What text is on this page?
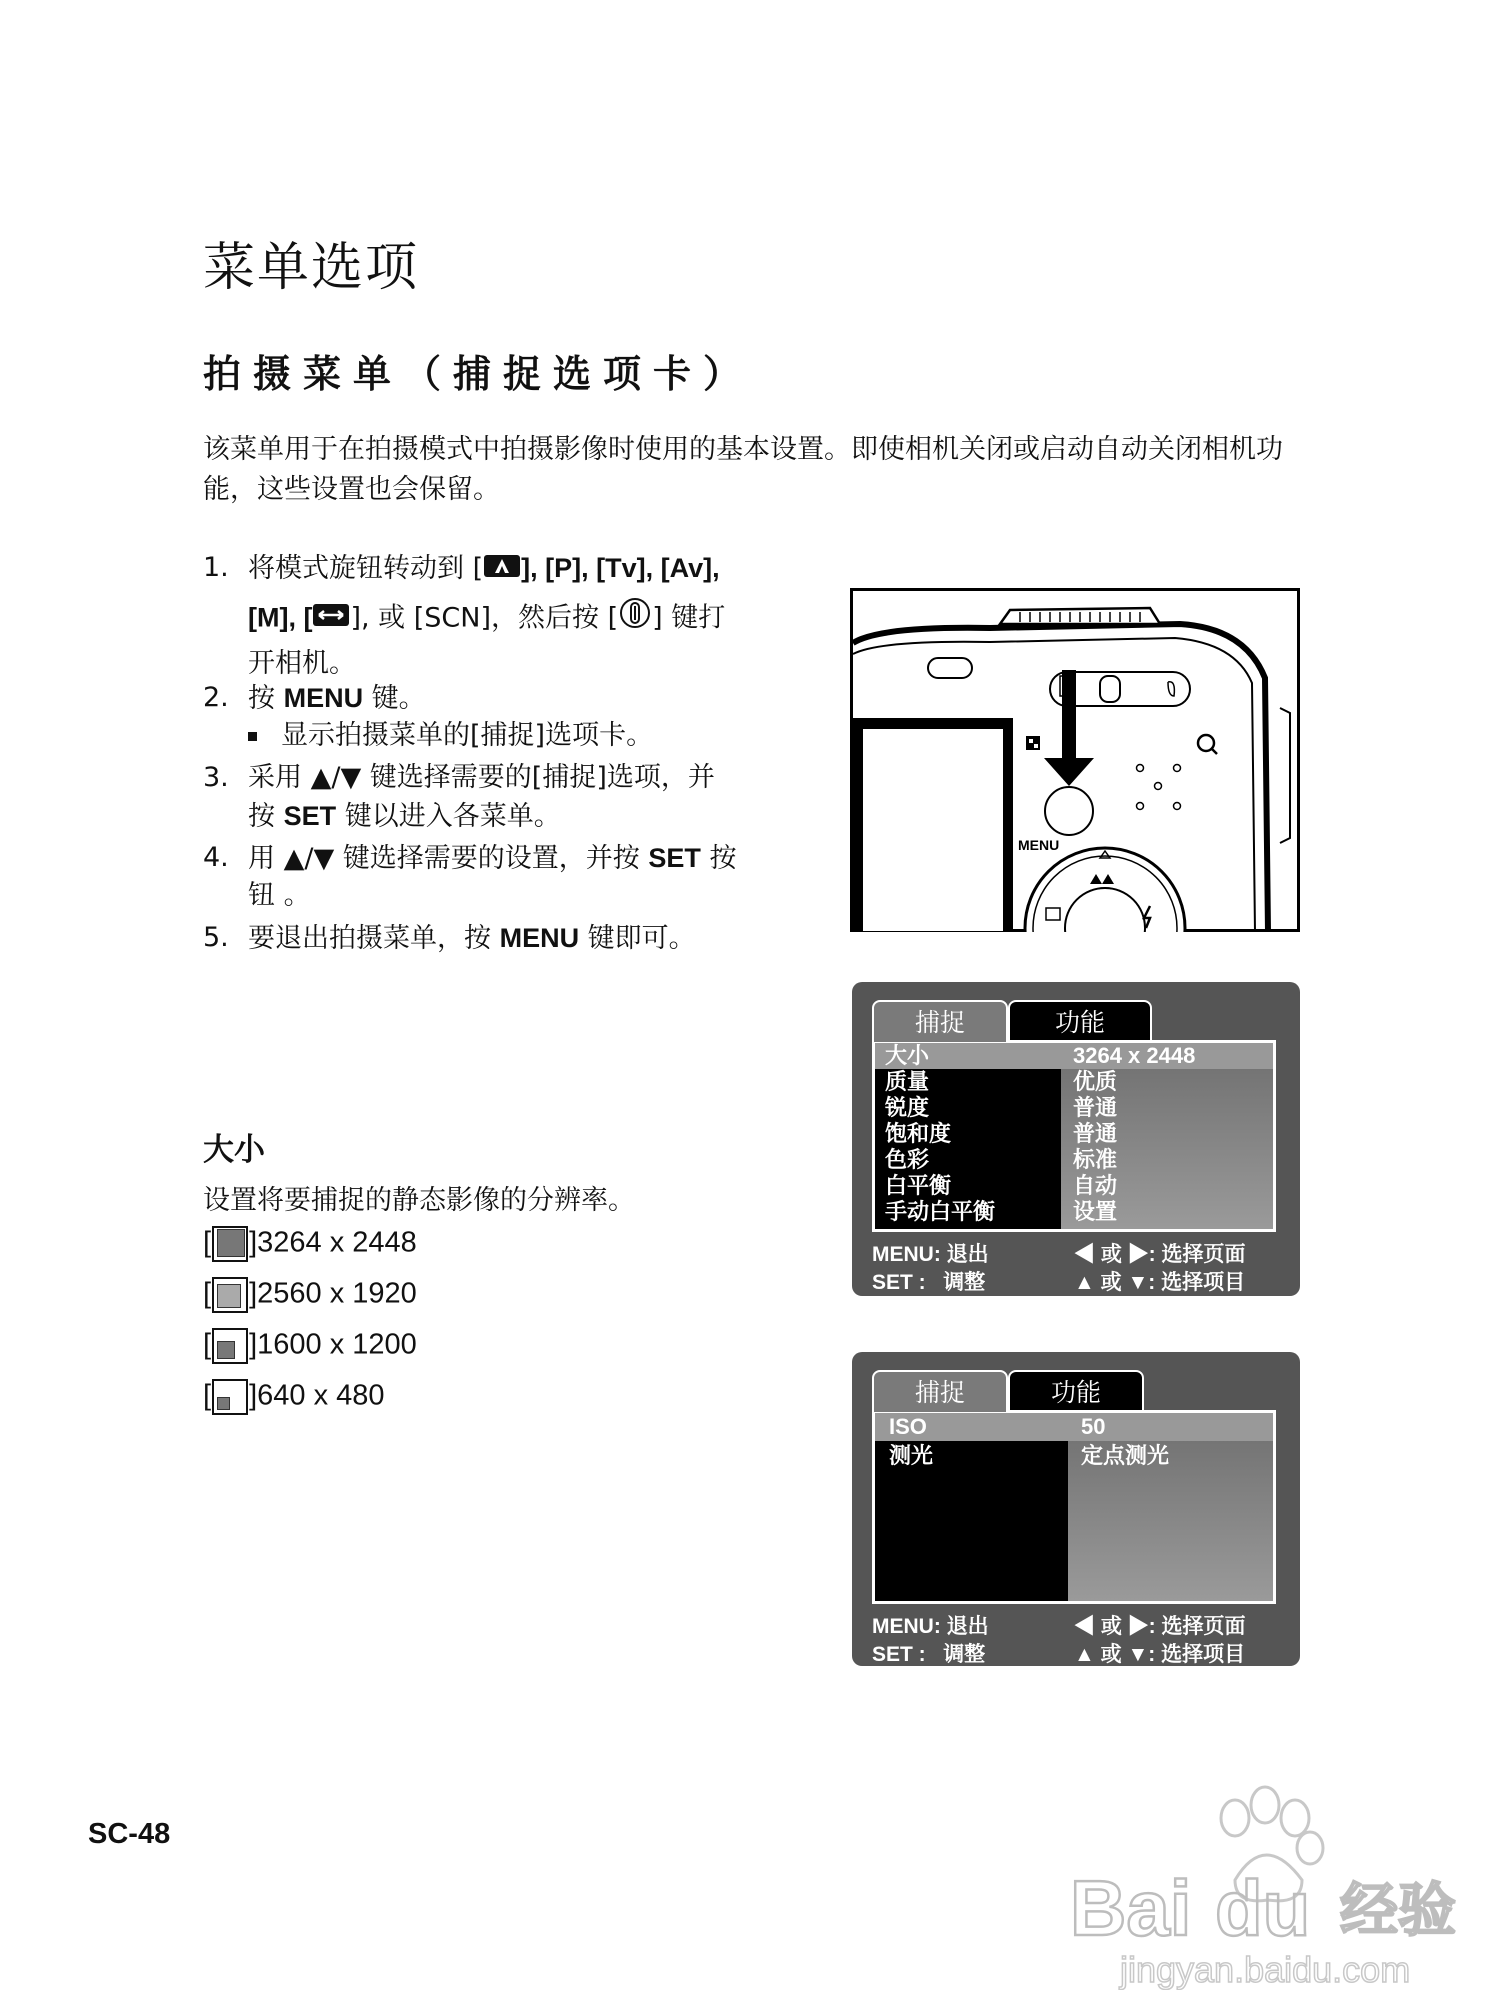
菜单选项
拍摄菜单（捕捉选项卡）
该菜单用于在拍摄模式中拍摄影像时使用的基本设置。即使相机关闭或启动自动关闭相机功能，这些设置也会保留。
1. 将模式旋钮转动到 [ ], [P], [Tv], [Av],
[M], [ ], 或 [SCN]，然后按 [ ] 键打
开相机。
2. 按 MENU 键。
显示拍摄菜单的[捕捉]选项卡。
3. 采用 ▲/▼ 键选择需要的[捕捉]选项，并
按 SET 键以进入各菜单。
4. 用 ▲/▼ 键选择需要的设置，并按 SET 按
钮 。
5. 要退出拍摄菜单，按 MENU 键即可。
MENU
捕捉	功能
大小	3264 x 2448
质量	优质
锐度	普通
饱和度	普通
色彩	标准
白平衡	自动
手动白平衡	设置
MENU: 退出
SET : 调整
◀ 或 ▶: 选择页面
▲ 或 ▼: 选择项目
捕捉	功能
ISO	50
测光	定点测光
MENU: 退出
SET : 调整
◀ 或 ▶: 选择页面
▲ 或 ▼: 选择项目
大小
设置将要捕捉的静态影像的分辨率。
[ ]3264 x 2448
[ ]2560 x 1920
[ ]1600 x 1200
[ ]640 x 480
SC-48
Bai du 经验
jingyan.baidu.com
